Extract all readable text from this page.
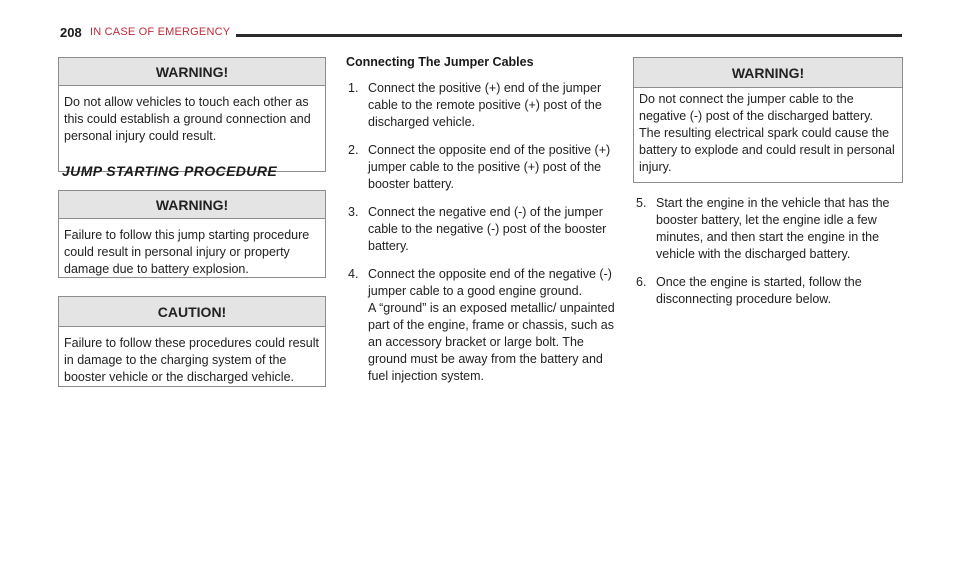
208 IN CASE OF EMERGENCY
WARNING!
Do not allow vehicles to touch each other as this could establish a ground connection and personal injury could result.
JUMP STARTING PROCEDURE
WARNING!
Failure to follow this jump starting procedure could result in personal injury or property damage due to battery explosion.
CAUTION!
Failure to follow these procedures could result in damage to the charging system of the booster vehicle or the discharged vehicle.
Connecting The Jumper Cables
1. Connect the positive (+) end of the jumper cable to the remote positive (+) post of the discharged vehicle.
2. Connect the opposite end of the positive (+) jumper cable to the positive (+) post of the booster battery.
3. Connect the negative end (-) of the jumper cable to the negative (-) post of the booster battery.
4. Connect the opposite end of the negative (-) jumper cable to a good engine ground.
A “ground” is an exposed metallic/ unpainted part of the engine, frame or chassis, such as an accessory bracket or large bolt. The ground must be away from the battery and fuel injection system.
WARNING!
Do not connect the jumper cable to the negative (-) post of the discharged battery. The resulting electrical spark could cause the battery to explode and could result in personal injury.
5. Start the engine in the vehicle that has the booster battery, let the engine idle a few minutes, and then start the engine in the vehicle with the discharged battery.
6. Once the engine is started, follow the disconnecting procedure below.
